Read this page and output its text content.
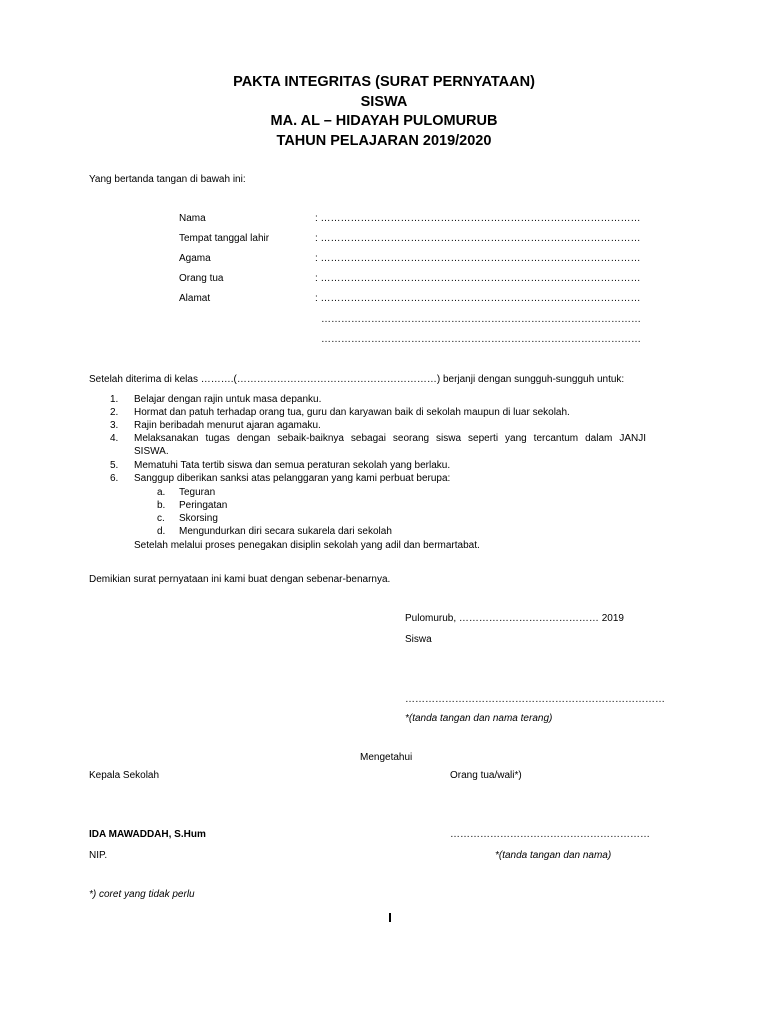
PAKTA INTEGRITAS (SURAT PERNYATAAN)
SISWA
MA. AL – HIDAYAH PULOMURUB
TAHUN PELAJARAN 2019/2020
Yang bertanda tangan di bawah ini:
Nama	: ……………………………………………………………………………………
Tempat tanggal lahir	: ……………………………………………………………………………………
Agama	: ……………………………………………………………………………………
Orang tua	: ……………………………………………………………………………………
Alamat	: ……………………………………………………………………………………
……………………………………………………………………………………
……………………………………………………………………………………
Setelah diterima di kelas ……….(……………………………………………………) berjanji dengan sungguh-sungguh untuk:
1. Belajar dengan rajin untuk masa depanku.
2. Hormat dan patuh terhadap orang tua, guru dan karyawan baik di sekolah maupun di luar sekolah.
3. Rajin beribadah menurut ajaran agamaku.
4. Melaksanakan tugas dengan sebaik-baiknya sebagai seorang siswa seperti yang tercantum dalam JANJI
SISWA.
5. Mematuhi Tata tertib siswa dan semua peraturan sekolah yang berlaku.
6. Sanggup diberikan sanksi atas pelanggaran yang kami perbuat berupa:
a. Teguran
b. Peringatan
c. Skorsing
d. Mengundurkan diri secara sukarela dari sekolah
Setelah melalui proses penegakan disiplin sekolah yang adil dan bermartabat.
Demikian surat pernyataan ini kami buat dengan sebenar-benarnya.
Pulomurub, …………………………………… 2019
Siswa
……………………………………………………………………
*(tanda tangan dan nama terang)
Mengetahui
Kepala Sekolah	Orang tua/wali*)
IDA MAWADDAH, S.Hum	……………………………………………………
NIP.	*(tanda tangan dan nama)
*) coret yang tidak perlu
